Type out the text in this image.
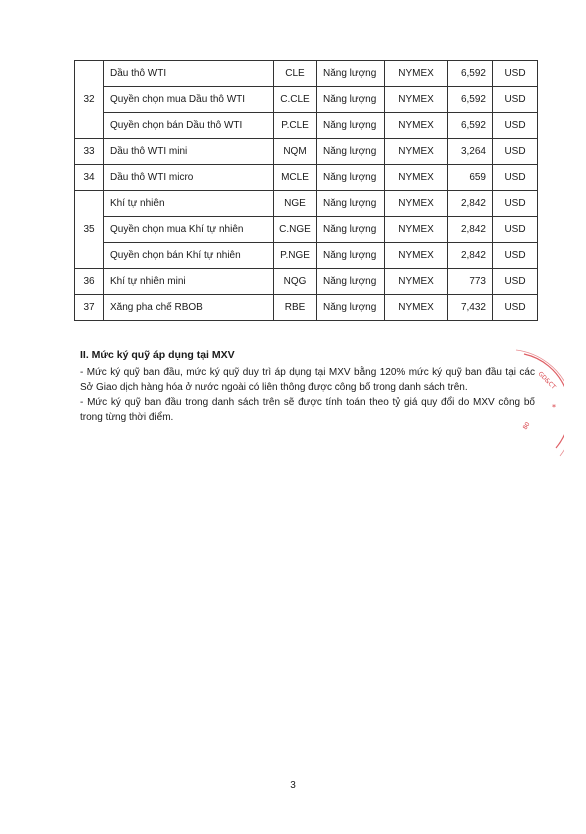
32	Dầu thô WTI	CLE	Năng lượng	NYMEX	6,592	USD
	Quyền chọn mua Dầu thô WTI	C.CLE	Năng lượng	NYMEX	6,592	USD
	Quyền chọn bán Dầu thô WTI	P.CLE	Năng lượng	NYMEX	6,592	USD
33	Dầu thô WTI mini	NQM	Năng lượng	NYMEX	3,264	USD
34	Dầu thô WTI micro	MCLE	Năng lượng	NYMEX	659	USD
35	Khí tự nhiên	NGE	Năng lượng	NYMEX	2,842	USD
	Quyền chọn mua Khí tự nhiên	C.NGE	Năng lượng	NYMEX	2,842	USD
	Quyền chọn bán Khí tự nhiên	P.NGE	Năng lượng	NYMEX	2,842	USD
36	Khí tự nhiên mini	NQG	Năng lượng	NYMEX	773	USD
37	Xăng pha chế RBOB	RBE	Năng lượng	NYMEX	7,432	USD
II. Mức ký quỹ áp dụng tại MXV

- Mức ký quỹ ban đầu, mức ký quỹ duy trì áp dụng tại MXV bằng 120% mức ký quỹ ban đầu tại các Sở Giao dịch hàng hóa ở nước ngoài có liên thông được công bố trong danh sách trên.

- Mức ký quỹ ban đầu trong danh sách trên sẽ được tính toán theo tỷ giá quy đổi do MXV công bố trong từng thời điểm.

GD&CT
*
80
3
